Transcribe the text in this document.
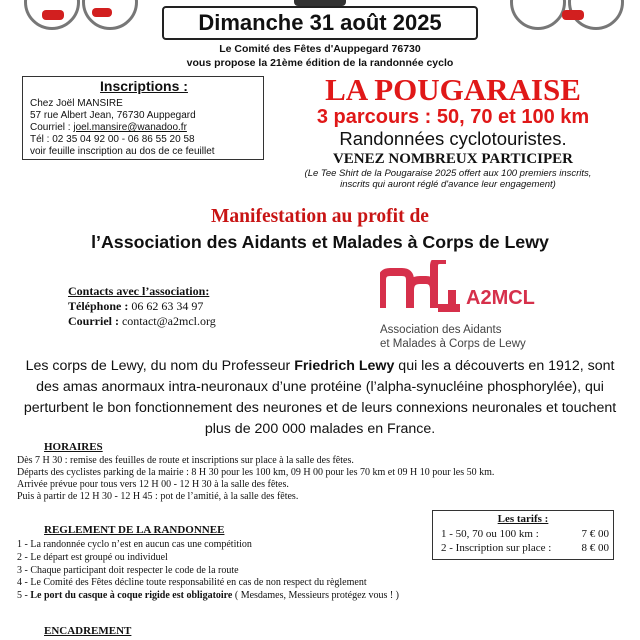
Dimanche 31 août 2025
Le Comité des Fêtes d'Auppegard 76730
vous propose la 21ème édition de la randonnée cyclo
Inscriptions :
Chez Joël MANSIRE
57 rue Albert Jean, 76730 Auppegard
Courriel : joel.mansire@wanadoo.fr
Tél : 02 35 04 92 00 - 06 86 55 20 58
voir feuille inscription au dos de ce feuillet
LA POUGARAISE
3 parcours : 50, 70 et 100 km
Randonnées cyclotouristes.
VENEZ NOMBREUX PARTICIPER
(Le Tee Shirt de la Pougaraise 2025 offert aux 100 premiers inscrits,
inscrits qui auront réglé d'avance leur engagement)
Manifestation au profit de
l’Association des Aidants et Malades à Corps de Lewy
Contacts avec l’association:
Téléphone : 06 62 63 34 97
Courriel : contact@a2mcl.org
A2MCL
Association des Aidants
et Malades à Corps de Lewy
Les corps de Lewy, du nom du Professeur Friedrich Lewy qui les a découverts en 1912, sont des amas anormaux intra-neuronaux d’une protéine (l’alpha-synucléine phosphorylée), qui perturbent le bon fonctionnement des neurones et de leurs connexions neuronales et touchent plus de 200 000 malades en France.
HORAIRES
Dès 7 H 30 : remise des feuilles de route et inscriptions sur place à la salle des fêtes.
Départs des cyclistes parking de la mairie : 8 H 30 pour les 100 km, 09 H 00 pour les 70 km et 09 H 10 pour les 50 km.
Arrivée prévue pour tous vers 12 H 00 - 12 H 30 à la salle des fêtes.
Puis à partir de 12 H 30 - 12 H 45 : pot de l’amitié, à la salle des fêtes.
REGLEMENT DE LA RANDONNEE
1 - La randonnée cyclo n’est en aucun cas une compétition
2 - Le départ est groupé ou individuel
3 - Chaque participant doit respecter le code de la route
4 - Le Comité des Fêtes décline toute responsabilité en cas de non respect du règlement
5 - Le port du casque à coque rigide est obligatoire ( Mesdames, Messieurs protégez vous ! )
Les tarifs :
1 - 50, 70 ou 100 km :	7 € 00
2 - Inscription sur place :	8 € 00
ENCADREMENT
